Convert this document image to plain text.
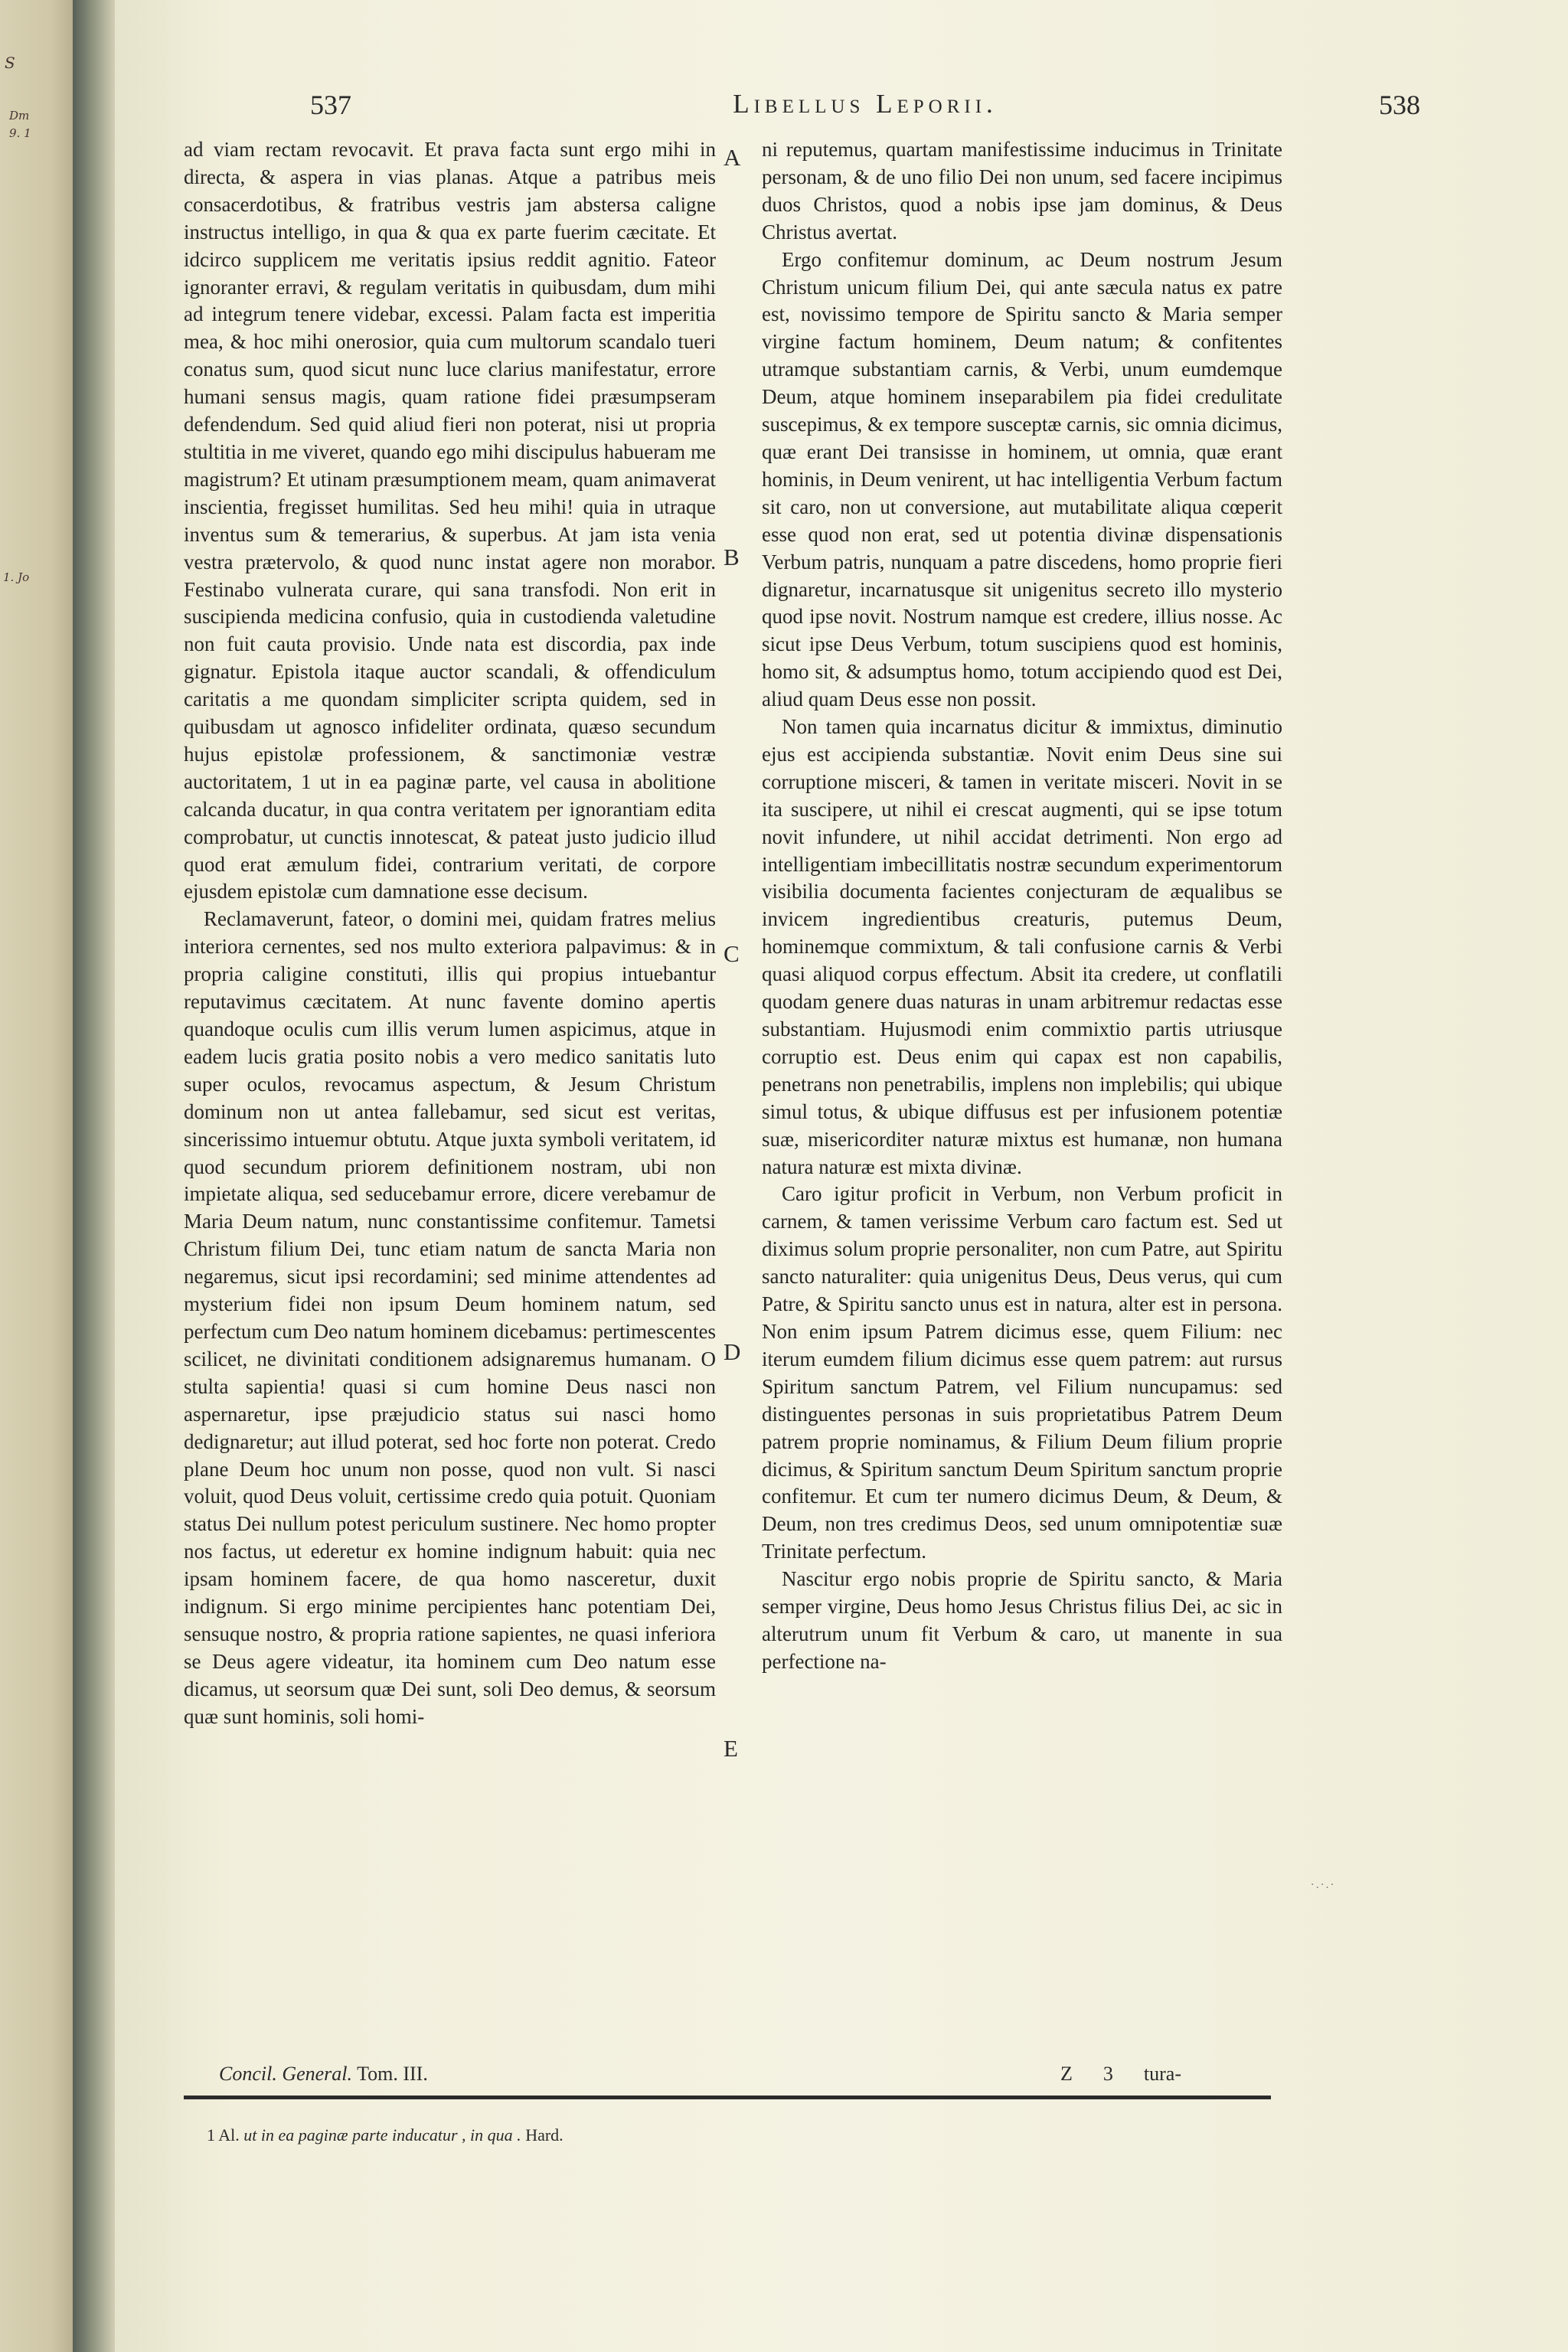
S
Dm
9. 1
1. Jo
537	Libellus Leporii.	538

ad viam rectam revocavit. Et prava facta sunt ergo mihi in directa, & aspera in vias planas. Atque a patribus meis consacerdotibus, & fratribus vestris jam abstersa caligne instructus intelligo, in qua & qua ex parte fuerim cæcitate. Et idcirco supplicem me veritatis ipsius reddit agnitio. Fateor ignoranter erravi, & regulam veritatis in quibusdam, dum mihi ad integrum tenere videbar, excessi. Palam facta est imperitia mea, & hoc mihi onerosior, quia cum multorum scandalo tueri conatus sum, quod sicut nunc luce clarius manifestatur, errore humani sensus magis, quam ratione fidei præsumpseram defendendum. Sed quid aliud fieri non poterat, nisi ut propria stultitia in me viveret, quando ego mihi discipulus habueram me magistrum? Et utinam præsumptionem meam, quam animaverat inscientia, fregisset humilitas. Sed heu mihi! quia in utraque inventus sum & temerarius, & superbus. At jam ista venia vestra prætervolo, & quod nunc instat agere non morabor. Festinabo vulnerata curare, qui sana transfodi. Non erit in suscipienda medicina confusio, quia in custodienda valetudine non fuit cauta provisio. Unde nata est discordia, pax inde gignatur. Epistola itaque auctor scandali, & offendiculum caritatis a me quondam simpliciter scripta quidem, sed in quibusdam ut agnosco infideliter ordinata, quæso secundum hujus epistolæ professionem, & sanctimoniæ vestræ auctoritatem, 1 ut in ea paginæ parte, vel causa in abolitione calcanda ducatur, in qua contra veritatem per ignorantiam edita comprobatur, ut cunctis innotescat, & pateat justo judicio illud quod erat æmulum fidei, contrarium veritati, de corpore ejusdem epistolæ cum damnatione esse decisum.

Reclamaverunt, fateor, o domini mei, quidam fratres melius interiora cernentes, sed nos multo exteriora palpavimus: & in propria caligine constituti, illis qui propius intuebantur reputavimus cæcitatem. At nunc favente domino apertis quandoque oculis cum illis verum lumen aspicimus, atque in eadem lucis gratia posito nobis a vero medico sanitatis luto super oculos, revocamus aspectum, & Jesum Christum dominum non ut antea fallebamur, sed sicut est veritas, sincerissimo intuemur obtutu. Atque juxta symboli veritatem, id quod secundum priorem definitionem nostram, ubi non impietate aliqua, sed seducebamur errore, dicere verebamur de Maria Deum natum, nunc constantissime confitemur. Tametsi Christum filium Dei, tunc etiam natum de sancta Maria non negaremus, sicut ipsi recordamini; sed minime attendentes ad mysterium fidei non ipsum Deum hominem natum, sed perfectum cum Deo natum hominem dicebamus: pertimescentes scilicet, ne divinitati conditionem adsignaremus humanam. O stulta sapientia! quasi si cum homine Deus nasci non aspernaretur, ipse præjudicio status sui nasci homo dedignaretur; aut illud poterat, sed hoc forte non poterat. Credo plane Deum hoc unum non posse, quod non vult. Si nasci voluit, quod Deus voluit, certissime credo quia potuit. Quoniam status Dei nullum potest periculum sustinere. Nec homo propter nos factus, ut ederetur ex homine indignum habuit: quia nec ipsam hominem facere, de qua homo nasceretur, duxit indignum. Si ergo minime percipientes hanc potentiam Dei, sensuque nostro, & propria ratione sapientes, ne quasi inferiora se Deus agere videatur, ita hominem cum Deo natum esse dicamus, ut seorsum quæ Dei sunt, soli Deo demus, & seorsum quæ sunt hominis, soli homi-

ni reputemus, quartam manifestissime inducimus in Trinitate personam, & de uno filio Dei non unum, sed facere incipimus duos Christos, quod a nobis ipse jam dominus, & Deus Christus avertat.

Ergo confitemur dominum, ac Deum nostrum Jesum Christum unicum filium Dei, qui ante sæcula natus ex patre est, novissimo tempore de Spiritu sancto & Maria semper virgine factum hominem, Deum natum; & confitentes utramque substantiam carnis, & Verbi, unum eumdemque Deum, atque hominem inseparabilem pia fidei credulitate suscepimus, & ex tempore susceptæ carnis, sic omnia dicimus, quæ erant Dei transisse in hominem, ut omnia, quæ erant hominis, in Deum venirent, ut hac intelligentia Verbum factum sit caro, non ut conversione, aut mutabilitate aliqua cœperit esse quod non erat, sed ut potentia divinæ dispensationis Verbum patris, nunquam a patre discedens, homo proprie fieri dignaretur, incarnatusque sit unigenitus secreto illo mysterio quod ipse novit. Nostrum namque est credere, illius nosse. Ac sicut ipse Deus Verbum, totum suscipiens quod est hominis, homo sit, & adsumptus homo, totum accipiendo quod est Dei, aliud quam Deus esse non possit.

Non tamen quia incarnatus dicitur & immixtus, diminutio ejus est accipienda substantiæ. Novit enim Deus sine sui corruptione misceri, & tamen in veritate misceri. Novit in se ita suscipere, ut nihil ei crescat augmenti, qui se ipse totum novit infundere, ut nihil accidat detrimenti. Non ergo ad intelligentiam imbecillitatis nostræ secundum experimentorum visibilia documenta facientes conjecturam de æqualibus se invicem ingredientibus creaturis, putemus Deum, hominemque commixtum, & tali confusione carnis & Verbi quasi aliquod corpus effectum. Absit ita credere, ut conflatili quodam genere duas naturas in unam arbitremur redactas esse substantiam. Hujusmodi enim commixtio partis utriusque corruptio est. Deus enim qui capax est non capabilis, penetrans non penetrabilis, implens non implebilis; qui ubique simul totus, & ubique diffusus est per infusionem potentiæ suæ, misericorditer naturæ mixtus est humanæ, non humana natura naturæ est mixta divinæ.

Caro igitur proficit in Verbum, non Verbum proficit in carnem, & tamen verissime Verbum caro factum est. Sed ut diximus solum proprie personaliter, non cum Patre, aut Spiritu sancto naturaliter: quia unigenitus Deus, Deus verus, qui cum Patre, & Spiritu sancto unus est in natura, alter est in persona. Non enim ipsum Patrem dicimus esse, quem Filium: nec iterum eumdem filium dicimus esse quem patrem: aut rursus Spiritum sanctum Patrem, vel Filium nuncupamus: sed distinguentes personas in suis proprietatibus Patrem Deum patrem proprie nominamus, & Filium Deum filium proprie dicimus, & Spiritum sanctum Deum Spiritum sanctum proprie confitemur. Et cum ter numero dicimus Deum, & Deum, & Deum, non tres credimus Deos, sed unum omnipotentiæ suæ Trinitate perfectum.

Nascitur ergo nobis proprie de Spiritu sancto, & Maria semper virgine, Deus homo Jesus Christus filius Dei, ac sic in alterutrum unum fit Verbum & caro, ut manente in sua perfectione na-

A
B
C
D
E
Concil. General. Tom. III.	Z 3 tura-
1 Al. ut in ea paginæ parte inducatur , in qua . Hard.
·.·.·
